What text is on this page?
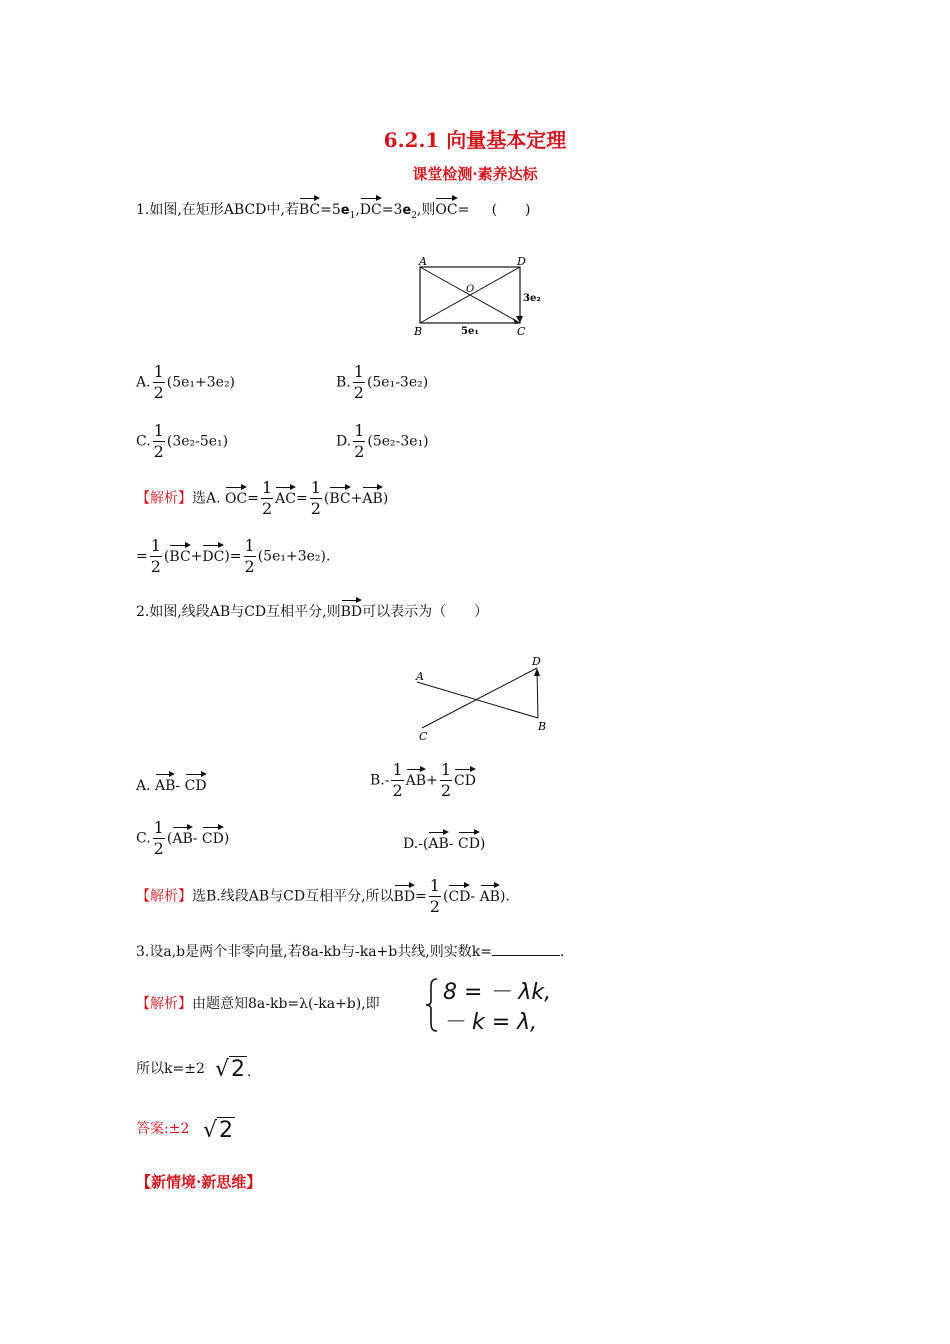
6.2.1 向量基本定理
课堂检测·素养达标
1.如图,在矩形ABCD中,若$BC=5e_1,DC=3e_2$,则OC= (　　)
A	D
B	C
O
3e₂
5e₁
A. $\frac{1}{2} (5e_1+3e_2)$	B. $\frac{1}{2} (5e_1-3e_2)$
C. $\frac{1}{2} (3e_2-5e_1)$	D. $\frac{1}{2} (5e_2-3e_1)$
【解析】选A. $OC= \frac{1}{2} AC= \frac{1}{2} (BC+AB)$
= $\frac{1}{2} (BC+DC)= \frac{1}{2} (5e_1+3e_2)$.
2.如图,线段AB与CD互相平分,则BD可以表示为（　　）
A
B
C
D
A. AB- CD	$B.- \frac{1}{2} AB+ \frac{1}{2}$ CD
C. $\frac{1}{2} (AB-$ CD)	D.-(AB- CD)
【解析】选B.线段AB与CD互相平分,所以$BD= \frac{1}{2} (CD-$ AB).
3.设a,b是两个非零向量,若8a-kb与-ka+b共线,则实数k=	.
【解析】由题意知8a-kb=λ(-ka+b),即	8 = － λk,
－ k = λ,
所以k=±2 √2 .
答案:±2 √2
【新情境·新思维】
